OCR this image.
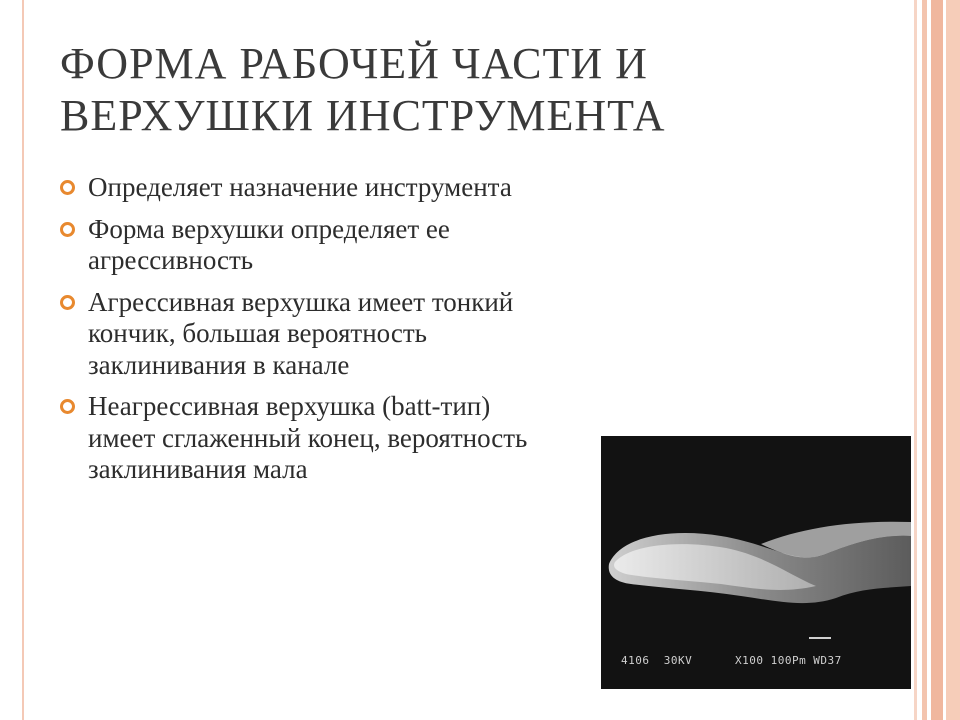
ФОРМА РАБОЧЕЙ ЧАСТИ И
ВЕРХУШКИ ИНСТРУМЕНТА
Определяет назначение инструмента
Форма верхушки определяет ее агрессивность
Агрессивная верхушка имеет тонкий кончик, большая вероятность заклинивания в канале
Неагрессивная верхушка (batt-тип) имеет сглаженный конец, вероятность заклинивания мала
4106  30KV      X100 100Pm WD37
